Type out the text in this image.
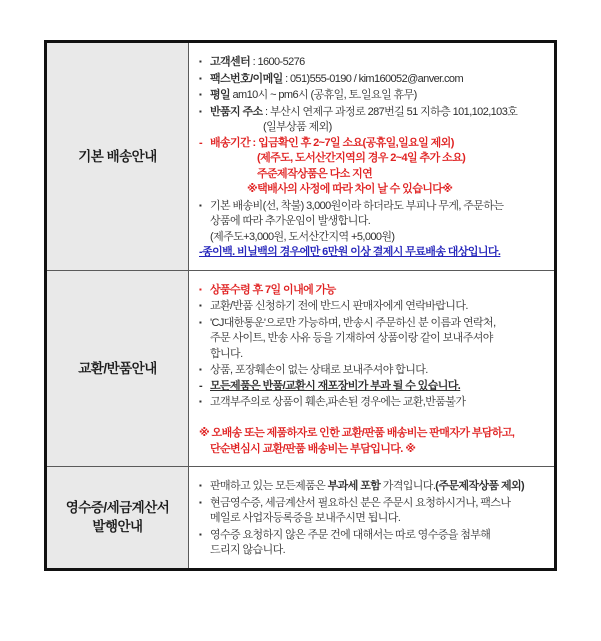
기본 배송안내
▪ 고객센터 : 1600-5276
▪ 팩스번호/이메일 : 051)555-0190 / kim160052@anver.com
▪ 평일 am10시 ~ pm6시 (공휴일, 토.일요일 휴무)
▪ 반품지 주소 : 부산시 연제구 과정로 287번길 51 지하층 101,102,103호
(일부상품 제외)
- 배송기간 : 입금확인 후 2~7일 소요(공휴일,일요일 제외)
(제주도, 도서산간지역의 경우 2~4일 추가 소요)
주준제작상품은 다소 지연
※택배사의 사정에 따라 차이 날 수 있습니다※
▪ 기본 배송비(선, 착불) 3,000원이라 하더라도 부피나 무게, 주문하는
상품에 따라 추가운임이 발생합니다.
(제주도+3,000원, 도서산간지역 +5,000원)
-종이백. 비닐백의 경우에만 6만원 이상 결제시 무료배송 대상입니다.
교환/반품안내
▪ 상품수령 후 7일 이내에 가능
▪ 교환/반품 신청하기 전에 반드시 판매자에게 연락바랍니다.
▪ 'CJ대한통운'으로만 가능하며, 반송시 주문하신 분 이름과 연락처,
주문 사이트, 반송 사유 등을 기재하여 상품이랑 같이 보내주셔야
합니다.
▪ 상품, 포장훼손이 없는 상태로 보내주셔야 합니다.
- 모든제품은 반품/교환시 재포장비가 부과 될 수 있습니다.
▪ 고객부주의로 상품이 훼손,파손된 경우에는 교환,반품불가
※ 오배송 또는 제품하자로 인한 교환/판품 배송비는 판매자가 부담하고,
단순변심시 교환/판품 배송비는 부담입니다. ※
영수증/세금계산서
발행안내
▪ 판매하고 있는 모든제품은 부과세 포함 가격입니다.(주문제작상품 제외)
▪ 현금영수증, 세금계산서 필요하신 분은 주문시 요청하시거나, 팩스나
메일로 사업자등록증을 보내주시면 됩니다.
▪ 영수증 요청하지 않은 주문 건에 대해서는 따로 영수증을 첨부해
드리지 않습니다.
